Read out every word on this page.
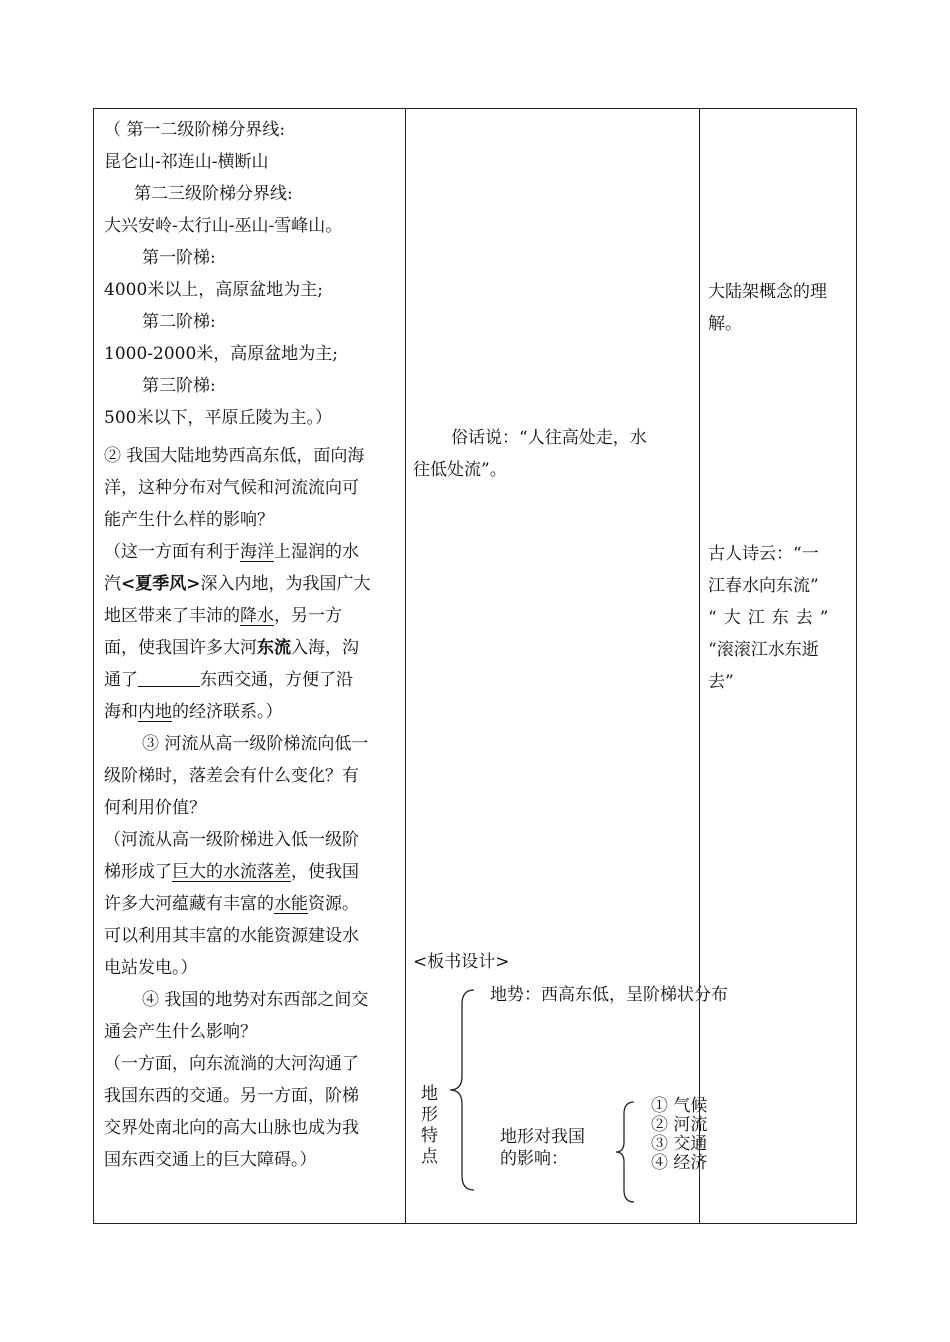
（ 第一二级阶梯分界线:

昆仑山-祁连山-横断山

第二三级阶梯分界线:

大兴安岭-太行山-巫山-雪峰山。

第一阶梯:

4000米以上，高原盆地为主;

第二阶梯:

1000-2000米，高原盆地为主;

第三阶梯:

500米以下，平原丘陵为主。）

② 我国大陆地势西高东低，面向海

洋，这种分布对气候和河流流向可

能产生什么样的影响？

（这一方面有利于海洋上湿润的水

汽<夏季风>深入内地，为我国广大

地区带来了丰沛的降水，另一方

面，使我国许多大河东流入海，沟

通了	东西交通，方便了沿

海和内地的经济联系。）

③ 河流从高一级阶梯流向低一

级阶梯时，落差会有什么变化？有

何利用价值？

（河流从高一级阶梯进入低一级阶

梯形成了巨大的水流落差，使我国

许多大河蕴藏有丰富的水能资源。

可以利用其丰富的水能资源建设水

电站发电。）

④ 我国的地势对东西部之间交

通会产生什么影响？

（一方面，向东流淌的大河沟通了

我国东西的交通。另一方面，阶梯

交界处南北向的高大山脉也成为我

国东西交通上的巨大障碍。）

俗话说：“人往高处走，水

往低处流”。

<板书设计>
地形特点
地势：西高东低，呈阶梯状分布
地形对我国
的影响：
① 气候
② 河流
③ 交通
④ 经济

大陆架概念的理

解。

古人诗云：“一

江春水向东流”

“大江东去”

“滚滚江水东逝

去”
